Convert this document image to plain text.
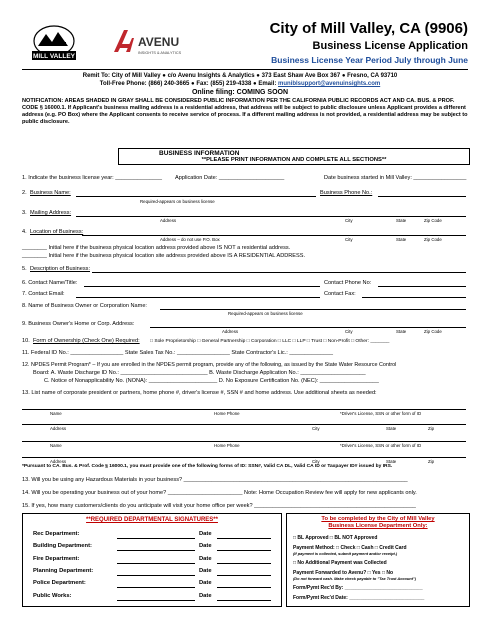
MILL VALLEY
AVENU
INSIGHTS & ANALYTICS
City of Mill Valley, CA (9906)
Business License Application
Business License Year Period July through June
Remit To: City of Mill Valley ● c/o Avenu Insights & Analytics ● 373 East Shaw Ave Box 367 ● Fresno, CA 93710
Toll-Free Phone: (866) 240-3665 ● Fax: (855) 219-4338 ● Email: muniblsupport@avenuinsights.com
Online filing: COMING SOON
NOTIFICATION: AREAS SHADED IN GRAY SHALL BE CONSIDERED PUBLIC INFORMATION PER THE CALIFORNIA PUBLIC RECORDS ACT AND CA. BUS. & PROF. CODE § 16000.1. If Applicant's business mailing address is a residential address, that address will be subject to public disclosure unless Applicant provides a different address (e.g. PO Box) where the Applicant consents to receive service of process. If a different mailing address is not provided, a residential address may be subject to public disclosure.
BUSINESS INFORMATION
**PLEASE PRINT INFORMATION AND COMPLETE ALL SECTIONS**
1. Indicate the business license year: _______________ Application Date: _____________________	Date business started in Mill Valley: _________________
2. Business Name:	Business Phone No.:
Required-appears on business license
3. Mailing Address:
Address	City	State	Zip Code
4. Location of Business:
Address – do not use P.O. Box	City	State	Zip Code
________ Initial here if the business physical location address provided above IS NOT a residential address.
________ Initial here if the business physical location site address provided above IS A RESIDENTIAL ADDRESS.
5. Description of Business:
6. Contact Name/Title:	Contact Phone No:
7. Contact Email:	Contact Fax:
8. Name of Business Owner or Corporation Name:
Required-appears on business license
9. Business Owner's Home or Corp. Address:
Address	City	State	Zip Code
10. Form of Ownership (Check One) Required: □ Sole Proprietorship □ General Partnership □ Corporation □ LLC □ LLP □ Trust □ Non-Profit □ Other: _______
11. Federal ID No.: _________________ State Sales Tax No.: _________________ State Contractor's Lic.: ______________
12. NPDES Permit Program* – If you are enrolled in the NPDES permit program, provide any of the following, as issued by the State Water Resource Control
Board: A. Waste Discharge ID No.: ____________________________ B. Waste Discharge Application No.: _____________________
C. Notice of Nonapplicability No. (NONA): ______________________ D. No Exposure Certification No. (NEC): ___________________
13. List name of corporate president or partners, home phone #, driver's license #, SSN # and home address. Use additional sheets as needed:
Name	Home Phone	*Driver's License, SSN or other form of ID
Address	City	State	Zip
Name	Home Phone	*Driver's License, SSN or other form of ID
Address	City	State	Zip
*Pursuant to CA. Bus. & Prof. Code § 16000.1, you must provide one of the following forms of ID: SSN#, Valid CA DL, Valid CA ID or Taxpayer ID# issued by IRS.
13. Will you be using any Hazardous Materials in your business? ________________________________________________________________________
14. Will you be operating your business out of your home? ________________________ Note: Home Occupation Review fee will apply for new applicants only.
15. If yes, how many customers/clients do you anticipate will visit your home office per week? ____________________________________________________
**REQUIRED DEPARTMENTAL SIGNATURES**
Rec Department:	Date
Building Department:	Date
Fire Department:	Date
Planning Department:	Date
Police Department:	Date
Public Works:	Date
To be completed by the City of Mill Valley
Business License Department Only:
□ BL Approved □ BL NOT Approved
Payment Method: □ Check □ Cash □ Credit Card
(If payment is collected, submit payment and/or receipt.)
□ No Additional Payment was Collected
Payment Forwarded to Avenu? □ Yes □ No
(Do not forward cash. Make check payable to "Tax Trust Account")
Form/Pymt Rec'd By: ____________________________
Form/Pymt Rec'd Date: ___________________________
